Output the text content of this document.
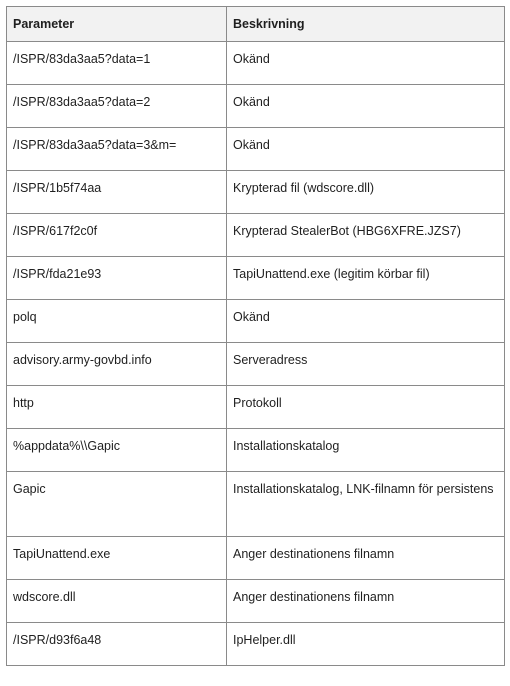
Parameter	Beskrivning
/ISPR/83da3aa5?data=1	Okänd
/ISPR/83da3aa5?data=2	Okänd
/ISPR/83da3aa5?data=3&m=	Okänd
/ISPR/1b5f74aa	Krypterad fil (wdscore.dll)
/ISPR/617f2c0f	Krypterad StealerBot (HBG6XFRE.JZS7)
/ISPR/fda21e93	TapiUnattend.exe (legitim körbar fil)
polq	Okänd
advisory.army-govbd.info	Serveradress
http	Protokoll
%appdata%\\Gapic	Installationskatalog
Gapic	Installationskatalog, LNK-filnamn för persistens
TapiUnattend.exe	Anger destinationens filnamn
wdscore.dll	Anger destinationens filnamn
/ISPR/d93f6a48	IpHelper.dll
